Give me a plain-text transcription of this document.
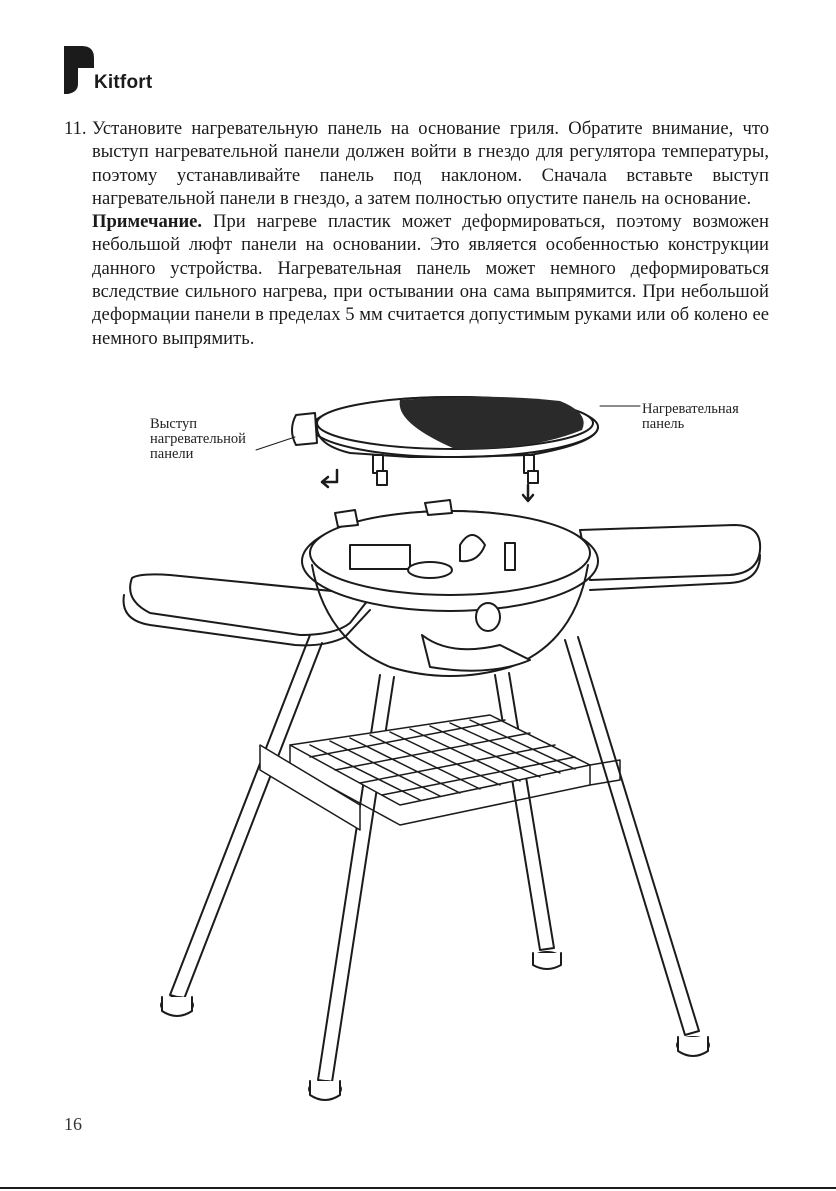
Kitfort
11. Установите нагревательную панель на основание гриля. Обратите внимание, что выступ нагревательной панели должен войти в гнездо для регулятора температуры, поэтому устанавливайте панель под наклоном. Сначала вставьте выступ нагревательной панели в гнездо, а затем полностью опустите панель на основание.
Примечание. При нагреве пластик может деформироваться, поэтому возможен небольшой люфт панели на основании. Это является особенностью конструкции данного устройства. Нагревательная панель может немного деформироваться вследствие сильного нагрева, при остывании она сама выпрямится. При небольшой деформации панели в пределах 5 мм считается допустимым руками или об колено ее немного выпрямить.
Выступ
нагревательной
панели
Нагревательная
панель
16
